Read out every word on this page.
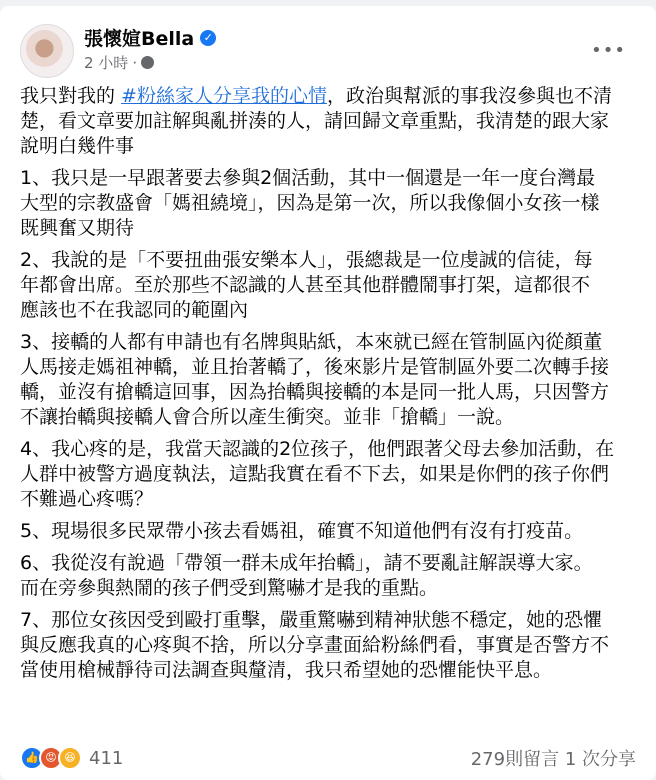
張懷媗Bella ✓
2 小時 ·
•••
我只對我的 #粉絲家人分享我的心情，政治與幫派的事我沒參與也不清
楚，看文章要加註解與亂拼湊的人，請回歸文章重點，我清楚的跟大家
說明白幾件事
1、我只是一早跟著要去參與2個活動，其中一個還是一年一度台灣最
大型的宗教盛會「媽祖繞境」，因為是第一次，所以我像個小女孩一樣
既興奮又期待
2、我說的是「不要扭曲張安樂本人」，張總裁是一位虔誠的信徒，每
年都會出席。至於那些不認識的人甚至其他群體鬧事打架，這都很不
應該也不在我認同的範圍內
3、接轎的人都有申請也有名牌與貼紙，本來就已經在管制區內從顏董
人馬接走媽祖神轎，並且抬著轎了，後來影片是管制區外要二次轉手接
轎，並沒有搶轎這回事，因為抬轎與接轎的本是同一批人馬，只因警方
不讓抬轎與接轎人會合所以產生衝突。並非「搶轎」一說。
4、我心疼的是，我當天認識的2位孩子，他們跟著父母去參加活動，在
人群中被警方過度執法，這點我實在看不下去，如果是你們的孩子你們
不難過心疼嗎？
5、現場很多民眾帶小孩去看媽祖，確實不知道他們有沒有打疫苗。
6、我從沒有說過「帶領一群未成年抬轎」，請不要亂註解誤導大家。
而在旁參與熱鬧的孩子們受到驚嚇才是我的重點。
7、那位女孩因受到毆打重擊，嚴重驚嚇到精神狀態不穩定，她的恐懼
與反應我真的心疼與不捨，所以分享畫面給粉絲們看，事實是否警方不
當使用槍械靜待司法調查與釐清，我只希望她的恐懼能快平息。
👍 😡 😆 411	279則留言 1 次分享
